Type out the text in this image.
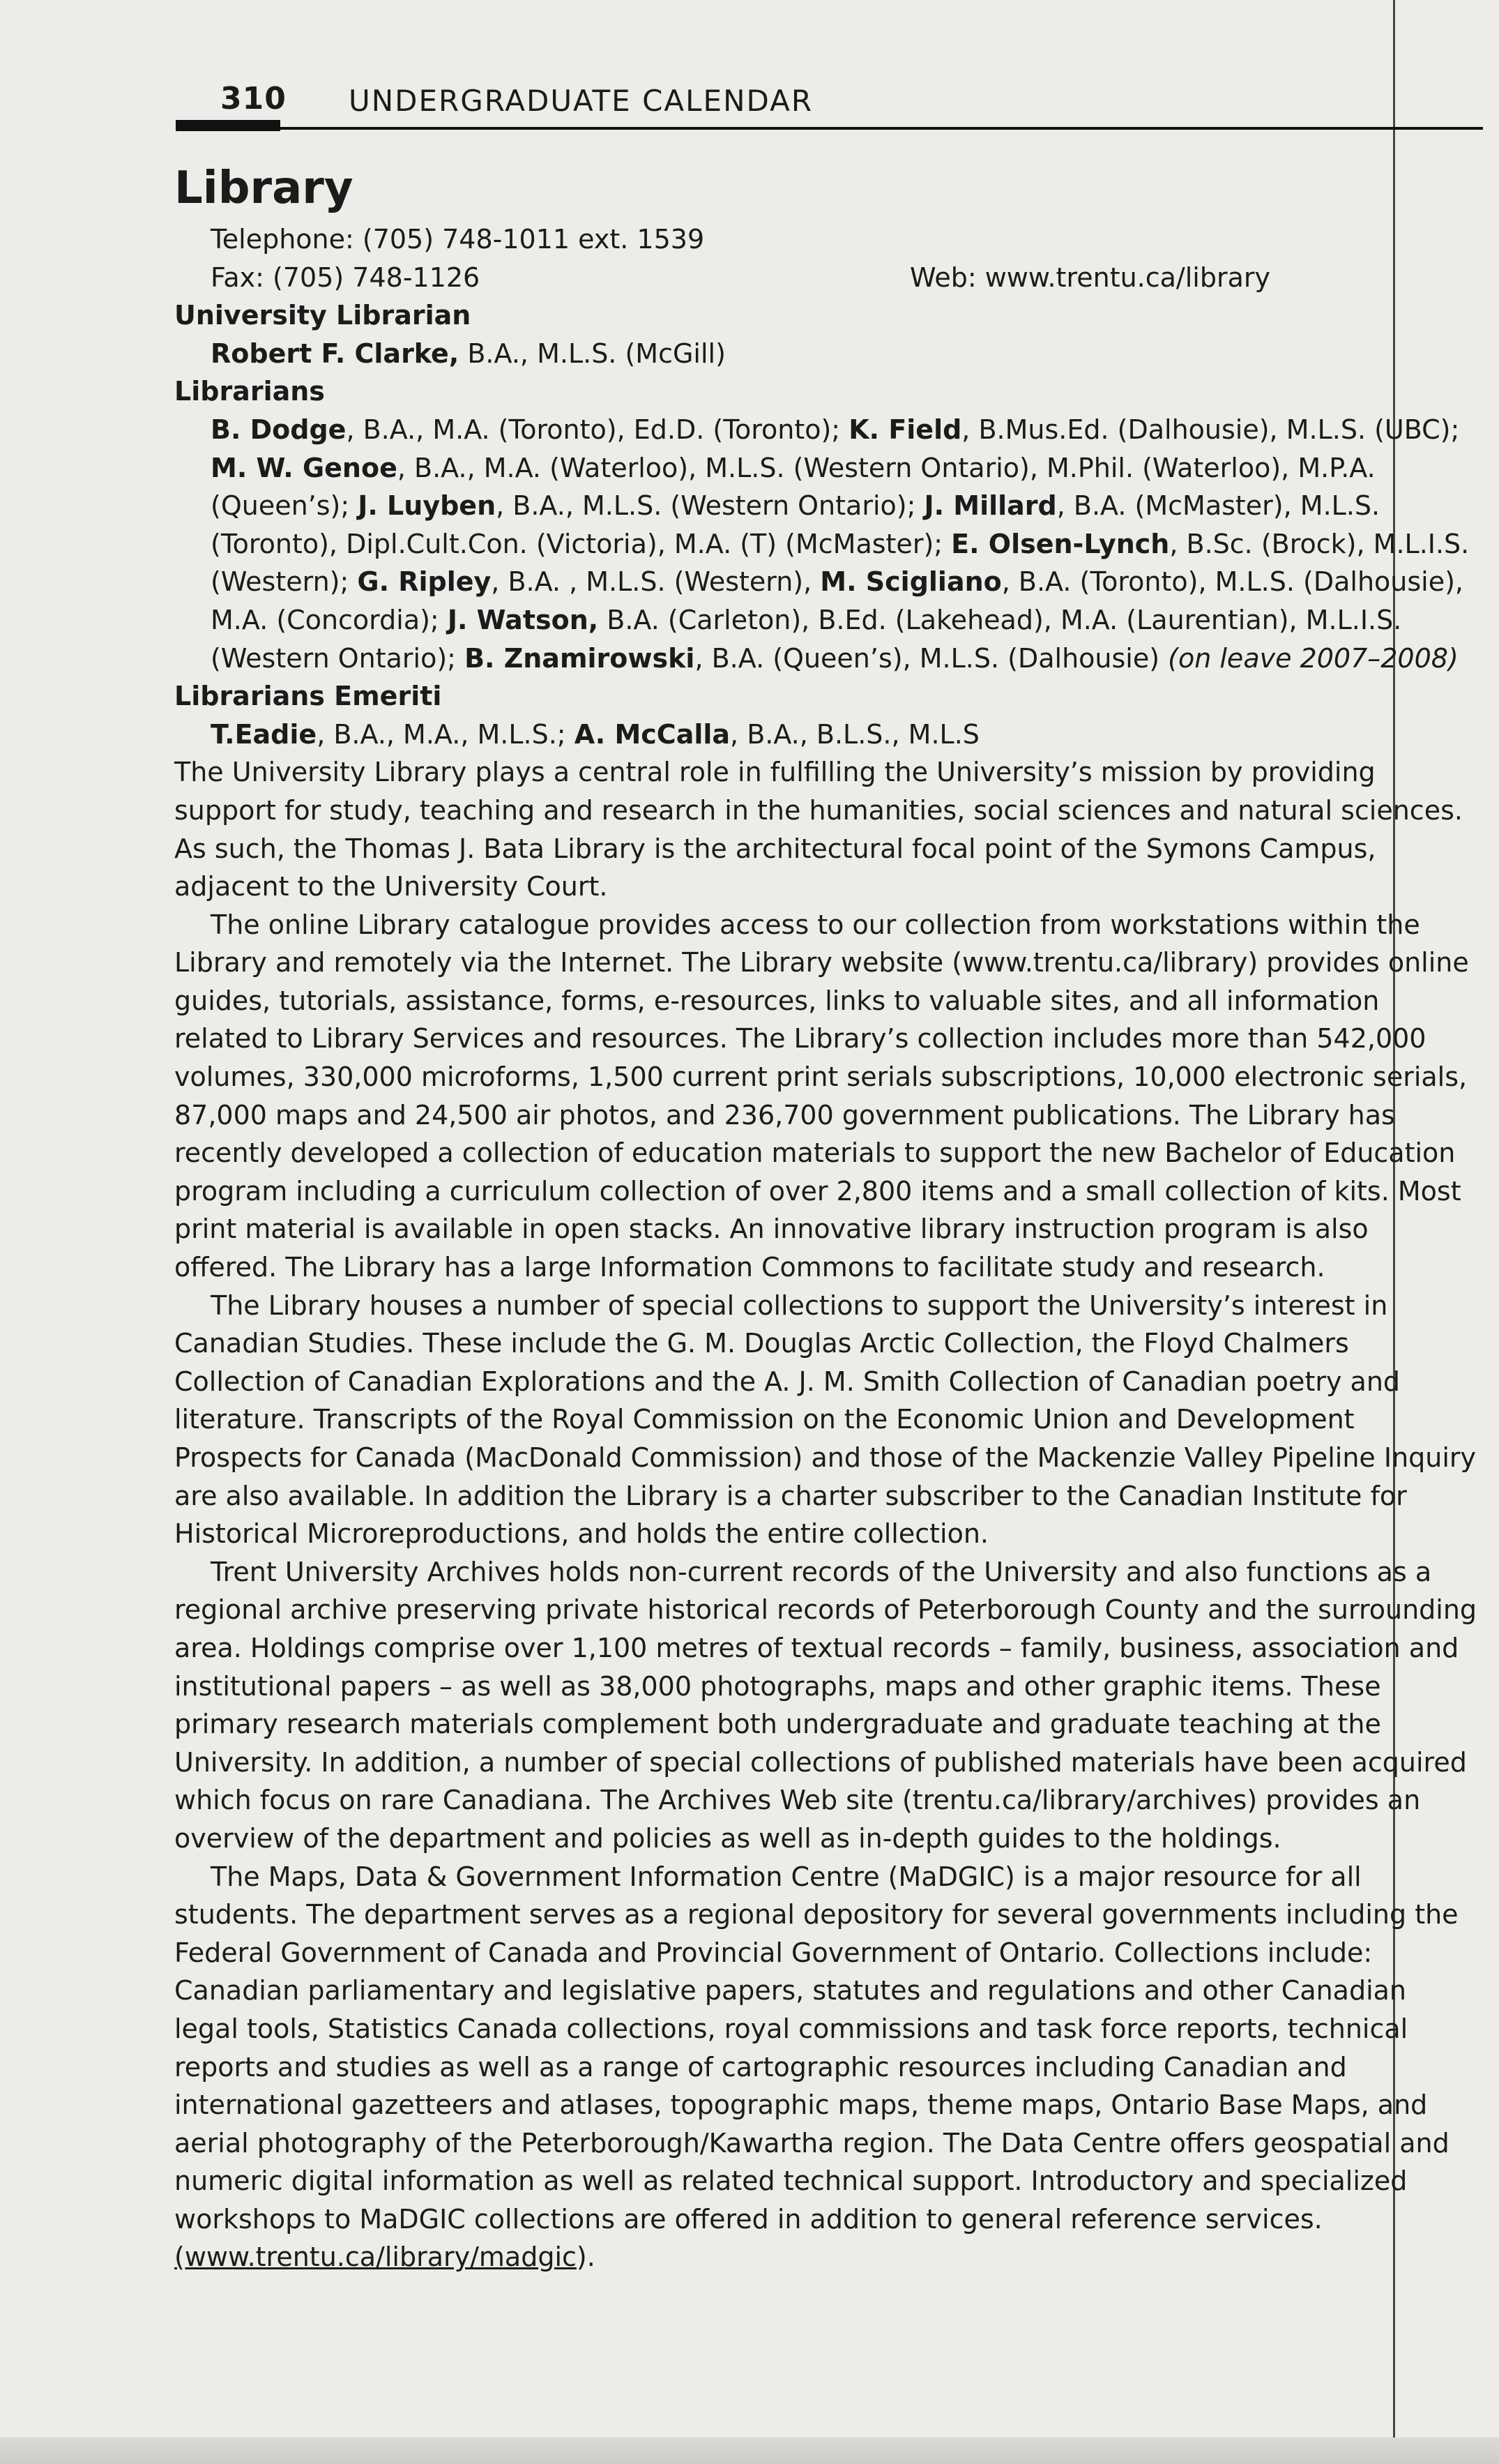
310 UNDERGRADUATE CALENDAR
Library
Telephone: (705) 748-1011 ext. 1539
Fax: (705) 748-1126	Web: www.trentu.ca/library
University Librarian
Robert F. Clarke, B.A., M.L.S. (McGill)
Librarians
B. Dodge, B.A., M.A. (Toronto), Ed.D. (Toronto); K. Field, B.Mus.Ed. (Dalhousie), M.L.S. (UBC); M. W. Genoe, B.A., M.A. (Waterloo), M.L.S. (Western Ontario), M.Phil. (Waterloo), M.P.A. (Queen’s); J. Luyben, B.A., M.L.S. (Western Ontario); J. Millard, B.A. (McMaster), M.L.S. (Toronto), Dipl.Cult.Con. (Victoria), M.A. (T) (McMaster); E. Olsen-Lynch, B.Sc. (Brock), M.L.I.S. (Western); G. Ripley, B.A. , M.L.S. (Western), M. Scigliano, B.A. (Toronto), M.L.S. (Dalhousie), M.A. (Concordia); J. Watson, B.A. (Carleton), B.Ed. (Lakehead), M.A. (Laurentian), M.L.I.S. (Western Ontario); B. Znamirowski, B.A. (Queen’s), M.L.S. (Dalhousie) (on leave 2007–2008)
Librarians Emeriti
T.Eadie, B.A., M.A., M.L.S.; A. McCalla, B.A., B.L.S., M.L.S

The University Library plays a central role in fulfilling the University’s mission by providing support for study, teaching and research in the humanities, social sciences and natural sciences. As such, the Thomas J. Bata Library is the architectural focal point of the Symons Campus, adjacent to the University Court.

The online Library catalogue provides access to our collection from workstations within the Library and remotely via the Internet. The Library website (www.trentu.ca/library) provides online guides, tutorials, assistance, forms, e-resources, links to valuable sites, and all information related to Library Services and resources. The Library’s collection includes more than 542,000 volumes, 330,000 microforms, 1,500 current print serials subscriptions, 10,000 electronic serials, 87,000 maps and 24,500 air photos, and 236,700 government publications. The Library has recently developed a collection of education materials to support the new Bachelor of Education program including a curriculum collection of over 2,800 items and a small collection of kits. Most print material is available in open stacks. An innovative library instruction program is also offered. The Library has a large Information Commons to facilitate study and research.

The Library houses a number of special collections to support the University’s interest in Canadian Studies. These include the G. M. Douglas Arctic Collection, the Floyd Chalmers Collection of Canadian Explorations and the A. J. M. Smith Collection of Canadian poetry and literature. Transcripts of the Royal Commission on the Economic Union and Development Prospects for Canada (MacDonald Commission) and those of the Mackenzie Valley Pipeline Inquiry are also available. In addition the Library is a charter subscriber to the Canadian Institute for Historical Microreproductions, and holds the entire collection.

Trent University Archives holds non-current records of the University and also functions as a regional archive preserving private historical records of Peterborough County and the surrounding area. Holdings comprise over 1,100 metres of textual records – family, business, association and institutional papers – as well as 38,000 photographs, maps and other graphic items. These primary research materials complement both undergraduate and graduate teaching at the University. In addition, a number of special collections of published materials have been acquired which focus on rare Canadiana. The Archives Web site (trentu.ca/library/archives) provides an overview of the department and policies as well as in-depth guides to the holdings.

The Maps, Data & Government Information Centre (MaDGIC) is a major resource for all students. The department serves as a regional depository for several governments including the Federal Government of Canada and Provincial Government of Ontario. Collections include: Canadian parliamentary and legislative papers, statutes and regulations and other Canadian legal tools, Statistics Canada collections, royal commissions and task force reports, technical reports and studies as well as a range of cartographic resources including Canadian and international gazetteers and atlases, topographic maps, theme maps, Ontario Base Maps, and aerial photography of the Peterborough/Kawartha region. The Data Centre offers geospatial and numeric digital information as well as related technical support. Introductory and specialized workshops to MaDGIC collections are offered in addition to general reference services. (www.trentu.ca/library/madgic).
